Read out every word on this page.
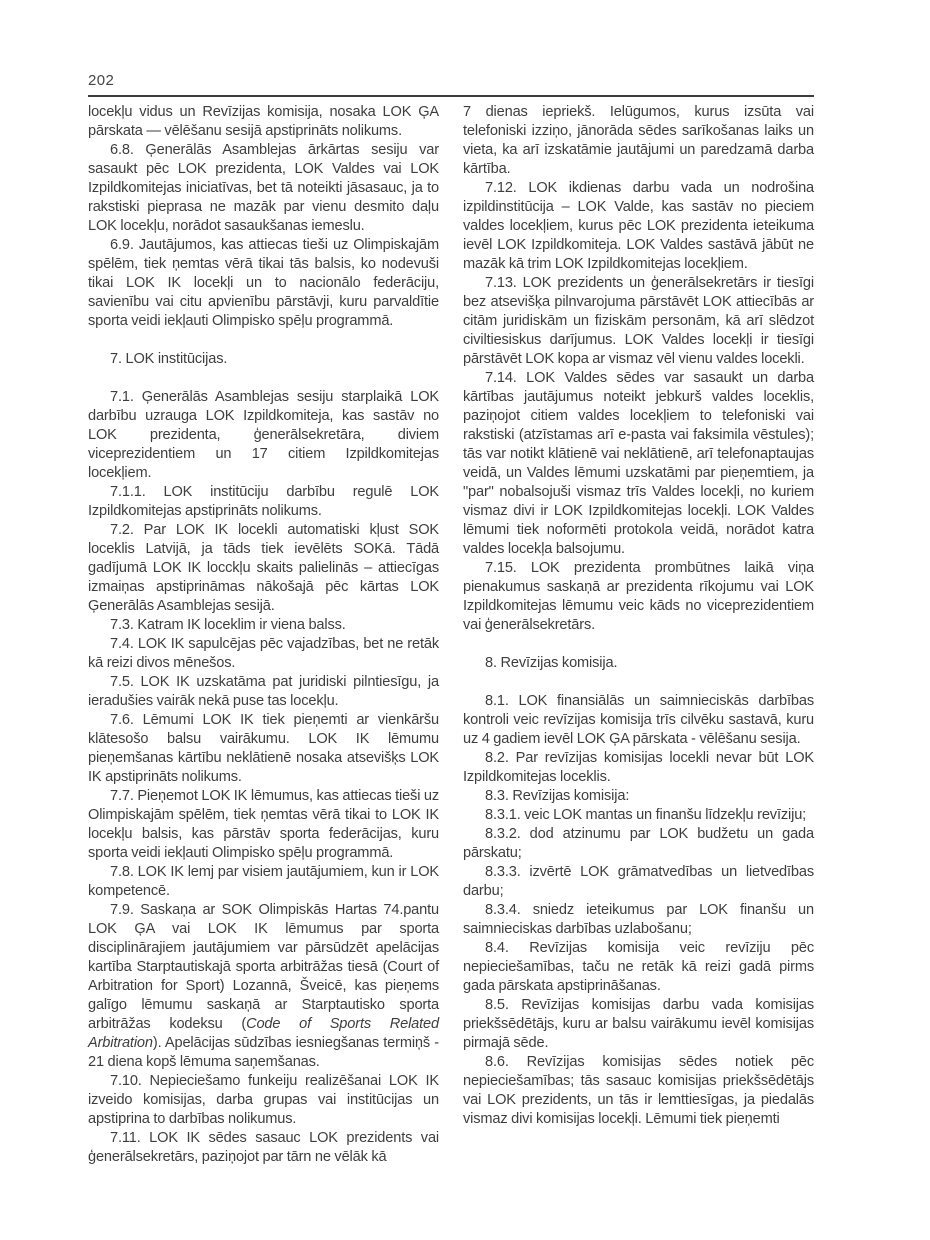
202

locekļu vidus un Revīzijas komisija, nosaka LOK ĢA pārskata — vēlēšanu sesijā apstiprināts nolikums.

6.8. Ģenerālās Asamblejas ārkārtas sesiju var sasaukt pēc LOK prezidenta, LOK Valdes vai LOK Izpildkomitejas iniciatīvas, bet tā noteikti jāsasauc, ja to rakstiski pieprasa ne mazāk par vienu desmito daļu LOK locekļu, norādot sasaukšanas iemeslu.

6.9. Jautājumos, kas attiecas tieši uz Olimpiskajām spēlēm, tiek ņemtas vērā tikai tās balsis, ko nodevuši tikai LOK IK locekļi un to nacionālo federāciju, savienību vai citu apvienību pārstāvji, kuru parvaldītie sporta veidi iekļauti Olimpisko spēļu programmā.

7. LOK institūcijas.

7.1. Ģenerālās Asamblejas sesiju starplaikā LOK darbību uzrauga LOK Izpildkomiteja, kas sastāv no LOK prezidenta, ģenerālsekretāra, diviem viceprezidentiem un 17 citiem Izpildkomitejas locekļiem.

7.1.1. LOK institūciju darbību regulē LOK Izpildkomitejas apstiprināts nolikums.

7.2. Par LOK IK locekli automatiski kļust SOK loceklis Latvijā, ja tāds tiek ievēlēts SOKā. Tādā gadījumā LOK IK locckļu skaits palielinās – attiecīgas izmaiņas apstiprināmas nākošajā pēc kārtas LOK Ģenerālās Asamblejas sesijā.

7.3. Katram IK loceklim ir viena balss.

7.4. LOK IK sapulcējas pēc vajadzības, bet ne retāk kā reizi divos mēnešos.

7.5. LOK IK uzskatāma pat juridiski pilntiesīgu, ja ieradušies vairāk nekā puse tas locekļu.

7.6. Lēmumi LOK IK tiek pieņemti ar vienkāršu klātesošo balsu vairākumu. LOK IK lēmumu pieņemšanas kārtību neklātienē nosaka atsevišķs LOK IK apstiprināts nolikums.

7.7. Pieņemot LOK IK lēmumus, kas attiecas tieši uz Olimpiskajām spēlēm, tiek ņemtas vērā tikai to LOK IK locekļu balsis, kas pārstāv sporta federācijas, kuru sporta veidi iekļauti Olimpisko spēļu programmā.

7.8. LOK IK lemj par visiem jautājumiem, kun ir LOK kompetencē.

7.9. Saskaņa ar SOK Olimpiskās Hartas 74.pantu LOK ĢA vai LOK IK lēmumus par sporta disciplinārajiem jautājumiem var pārsūdzēt apelācijas kartība Starptautiskajā sporta arbitrāžas tiesā (Court of Arbitration for Sport) Lozannā, Šveicē, kas pieņems galīgo lēmumu saskaņā ar Starptautisko sporta arbitrāžas kodeksu (Code of Sports Related Arbitration). Apelācijas sūdzības iesniegšanas termiņš - 21 diena kopš lēmuma saņemšanas.

7.10. Nepieciešamo funkeiju realizēšanai LOK IK izveido komisijas, darba grupas vai institūcijas un apstiprina to darbības nolikumus.

7.11. LOK IK sēdes sasauc LOK prezidents vai ģenerālsekretārs, paziņojot par tārn ne vēlāk kā

7 dienas iepriekš. Ielūgumos, kurus izsūta vai telefoniski izziņo, jānorāda sēdes sarīkošanas laiks un vieta, ka arī izskatāmie jautājumi un paredzamā darba kārtība.

7.12. LOK ikdienas darbu vada un nodrošina izpildinstitūcija – LOK Valde, kas sastāv no pieciem valdes locekļiem, kurus pēc LOK prezidenta ieteikuma ievēl LOK Izpildkomiteja. LOK Valdes sastāvā jābūt ne mazāk kā trim LOK Izpildkomitejas locekļiem.

7.13. LOK prezidents un ģenerālsekretārs ir tiesīgi bez atsevišķa pilnvarojuma pārstāvēt LOK attiecībās ar citām juridiskām un fiziskām personām, kā arī slēdzot civiltiesiskus darījumus. LOK Valdes locekļi ir tiesīgi pārstāvēt LOK kopa ar vismaz vēl vienu valdes locekli.

7.14. LOK Valdes sēdes var sasaukt un darba kārtības jautājumus noteikt jebkurš valdes loceklis, paziņojot citiem valdes locekļiem to telefoniski vai rakstiski (atzīstamas arī e-pasta vai faksimila vēstules); tās var notikt klātienē vai neklātienē, arī telefonaptaujas veidā, un Valdes lēmumi uzskatāmi par pieņemtiem, ja "par" nobalsojuši vismaz trīs Valdes locekļi, no kuriem vismaz divi ir LOK Izpildkomitejas locekļi. LOK Valdes lēmumi tiek noformēti protokola veidā, norādot katra valdes locekļa balsojumu.

7.15. LOK prezidenta prombūtnes laikā viņa pienakumus saskaņā ar prezidenta rīkojumu vai LOK Izpildkomitejas lēmumu veic kāds no viceprezidentiem vai ģenerālsekretārs.

8. Revīzijas komisija.

8.1. LOK finansiālās un saimnieciskās darbības kontroli veic revīzijas komisija trīs cilvēku sastavā, kuru uz 4 gadiem ievēl LOK ĢA pārskata - vēlēšanu sesija.

8.2. Par revīzijas komisijas locekli nevar būt LOK Izpildkomitejas loceklis.

8.3. Revīzijas komisija:

8.3.1. veic LOK mantas un finanšu līdzekļu revīziju;

8.3.2. dod atzinumu par LOK budžetu un gada pārskatu;

8.3.3. izvērtē LOK grāmatvedības un lietvedības darbu;

8.3.4. sniedz ieteikumus par LOK finanšu un saimnieciskas darbības uzlabošanu;

8.4. Revīzijas komisija veic revīziju pēc nepieciešamības, taču ne retāk kā reizi gadā pirms gada pārskata apstiprināšanas.

8.5. Revīzijas komisijas darbu vada komisijas priekšsēdētājs, kuru ar balsu vairākumu ievēl komisijas pirmajā sēde.

8.6. Revīzijas komisijas sēdes notiek pēc nepieciešamības; tās sasauc komisijas priekšsēdētājs vai LOK prezidents, un tās ir lemttiesīgas, ja piedalās vismaz divi komisijas locekļi. Lēmumi tiek pieņemti
